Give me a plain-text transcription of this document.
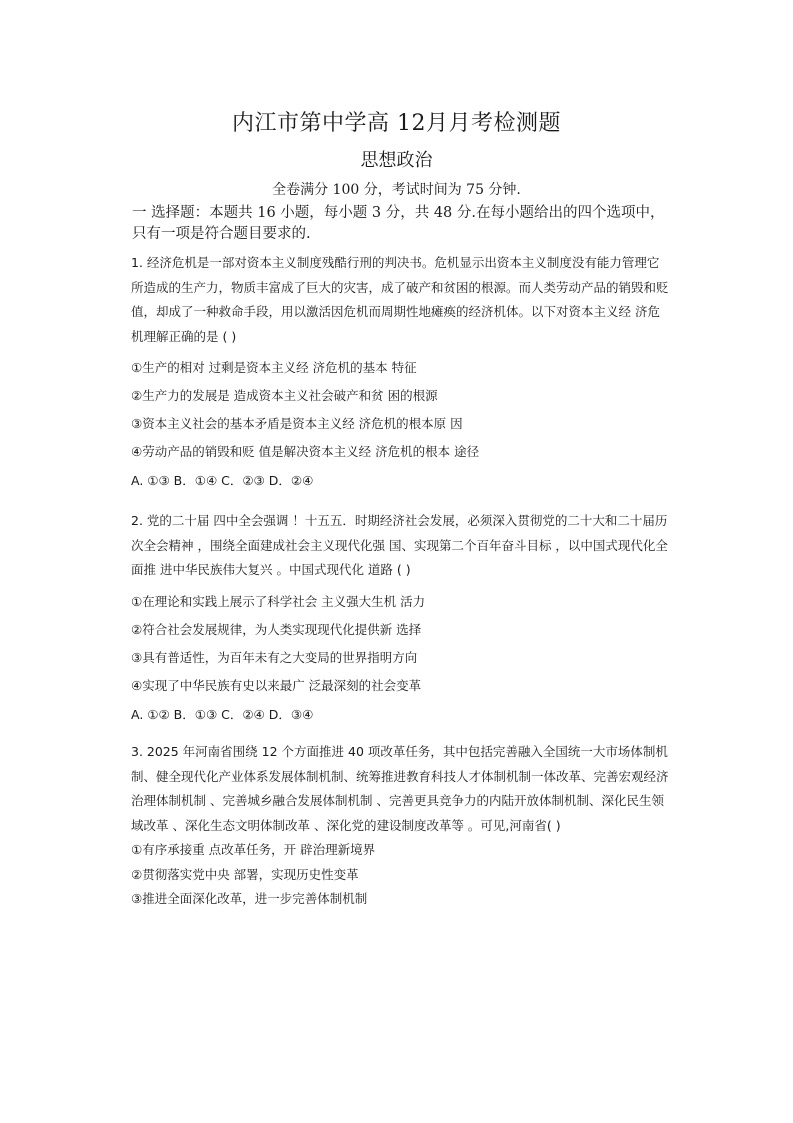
内江市第中学高 12月月考检测题
思想政治
全卷满分 100 分，考试时间为 75 分钟.
一 选择题：本题共 16 小题，每小题 3 分，共 48 分.在每小题给出的四个选项中，只有一项是符合题目要求的.
1. 经济危机是一部对资本主义制度残酷行刑的判决书。危机显示出资本主义制度没有能力管理它所造成的生产力，物质丰富成了巨大的灾害，成了破产和贫困的根源。而人类劳动产品的销毁和贬值，却成了一种救命手段，用以激活因危机而周期性地瘫痪的经济机体。以下对资本主义经 济危机理解正确的是 ( )
①生产的相对 过剩是资本主义经 济危机的基本 特征
②生产力的发展是 造成资本主义社会破产和贫 困的根源
③资本主义社会的基本矛盾是资本主义经 济危机的根本原 因
④劳动产品的销毁和贬 值是解决资本主义经 济危机的根本 途径
A. ①③ B．①④ C．②③ D．②④
2. 党的二十届 四中全会强调 ！十五五．时期经济社会发展，必须深入贯彻党的二十大和二十届历次全会精神 ，围绕全面建成社会主义现代化强 国、实现第二个百年奋斗目标 ，以中国式现代化全面推 进中华民族伟大复兴 。中国式现代化 道路 ( )
①在理论和实践上展示了科学社会 主义强大生机 活力
②符合社会发展规律，为人类实现现代化提供新 选择
③具有普适性，为百年未有之大变局的世界指明方向
④实现了中华民族有史以来最广 泛最深刻的社会变革
A. ①② B．①③ C．②④ D．③④
3. 2025 年河南省围绕 12 个方面推进 40 项改革任务，其中包括完善融入全国统一大市场体制机制、健全现代化产业体系发展体制机制、统筹推进教育科技人才体制机制一体改革、完善宏观经济治理体制机制 、完善城乡融合发展体制机制 、完善更具竞争力的内陆开放体制机制、深化民生领域改革 、深化生态文明体制改革 、深化党的建设制度改革等 。可见,河南省( )
①有序承接重 点改革任务，开 辟治理新境界
②贯彻落实党中央 部署，实现历史性变革
③推进全面深化改革，进一步完善体制机制
